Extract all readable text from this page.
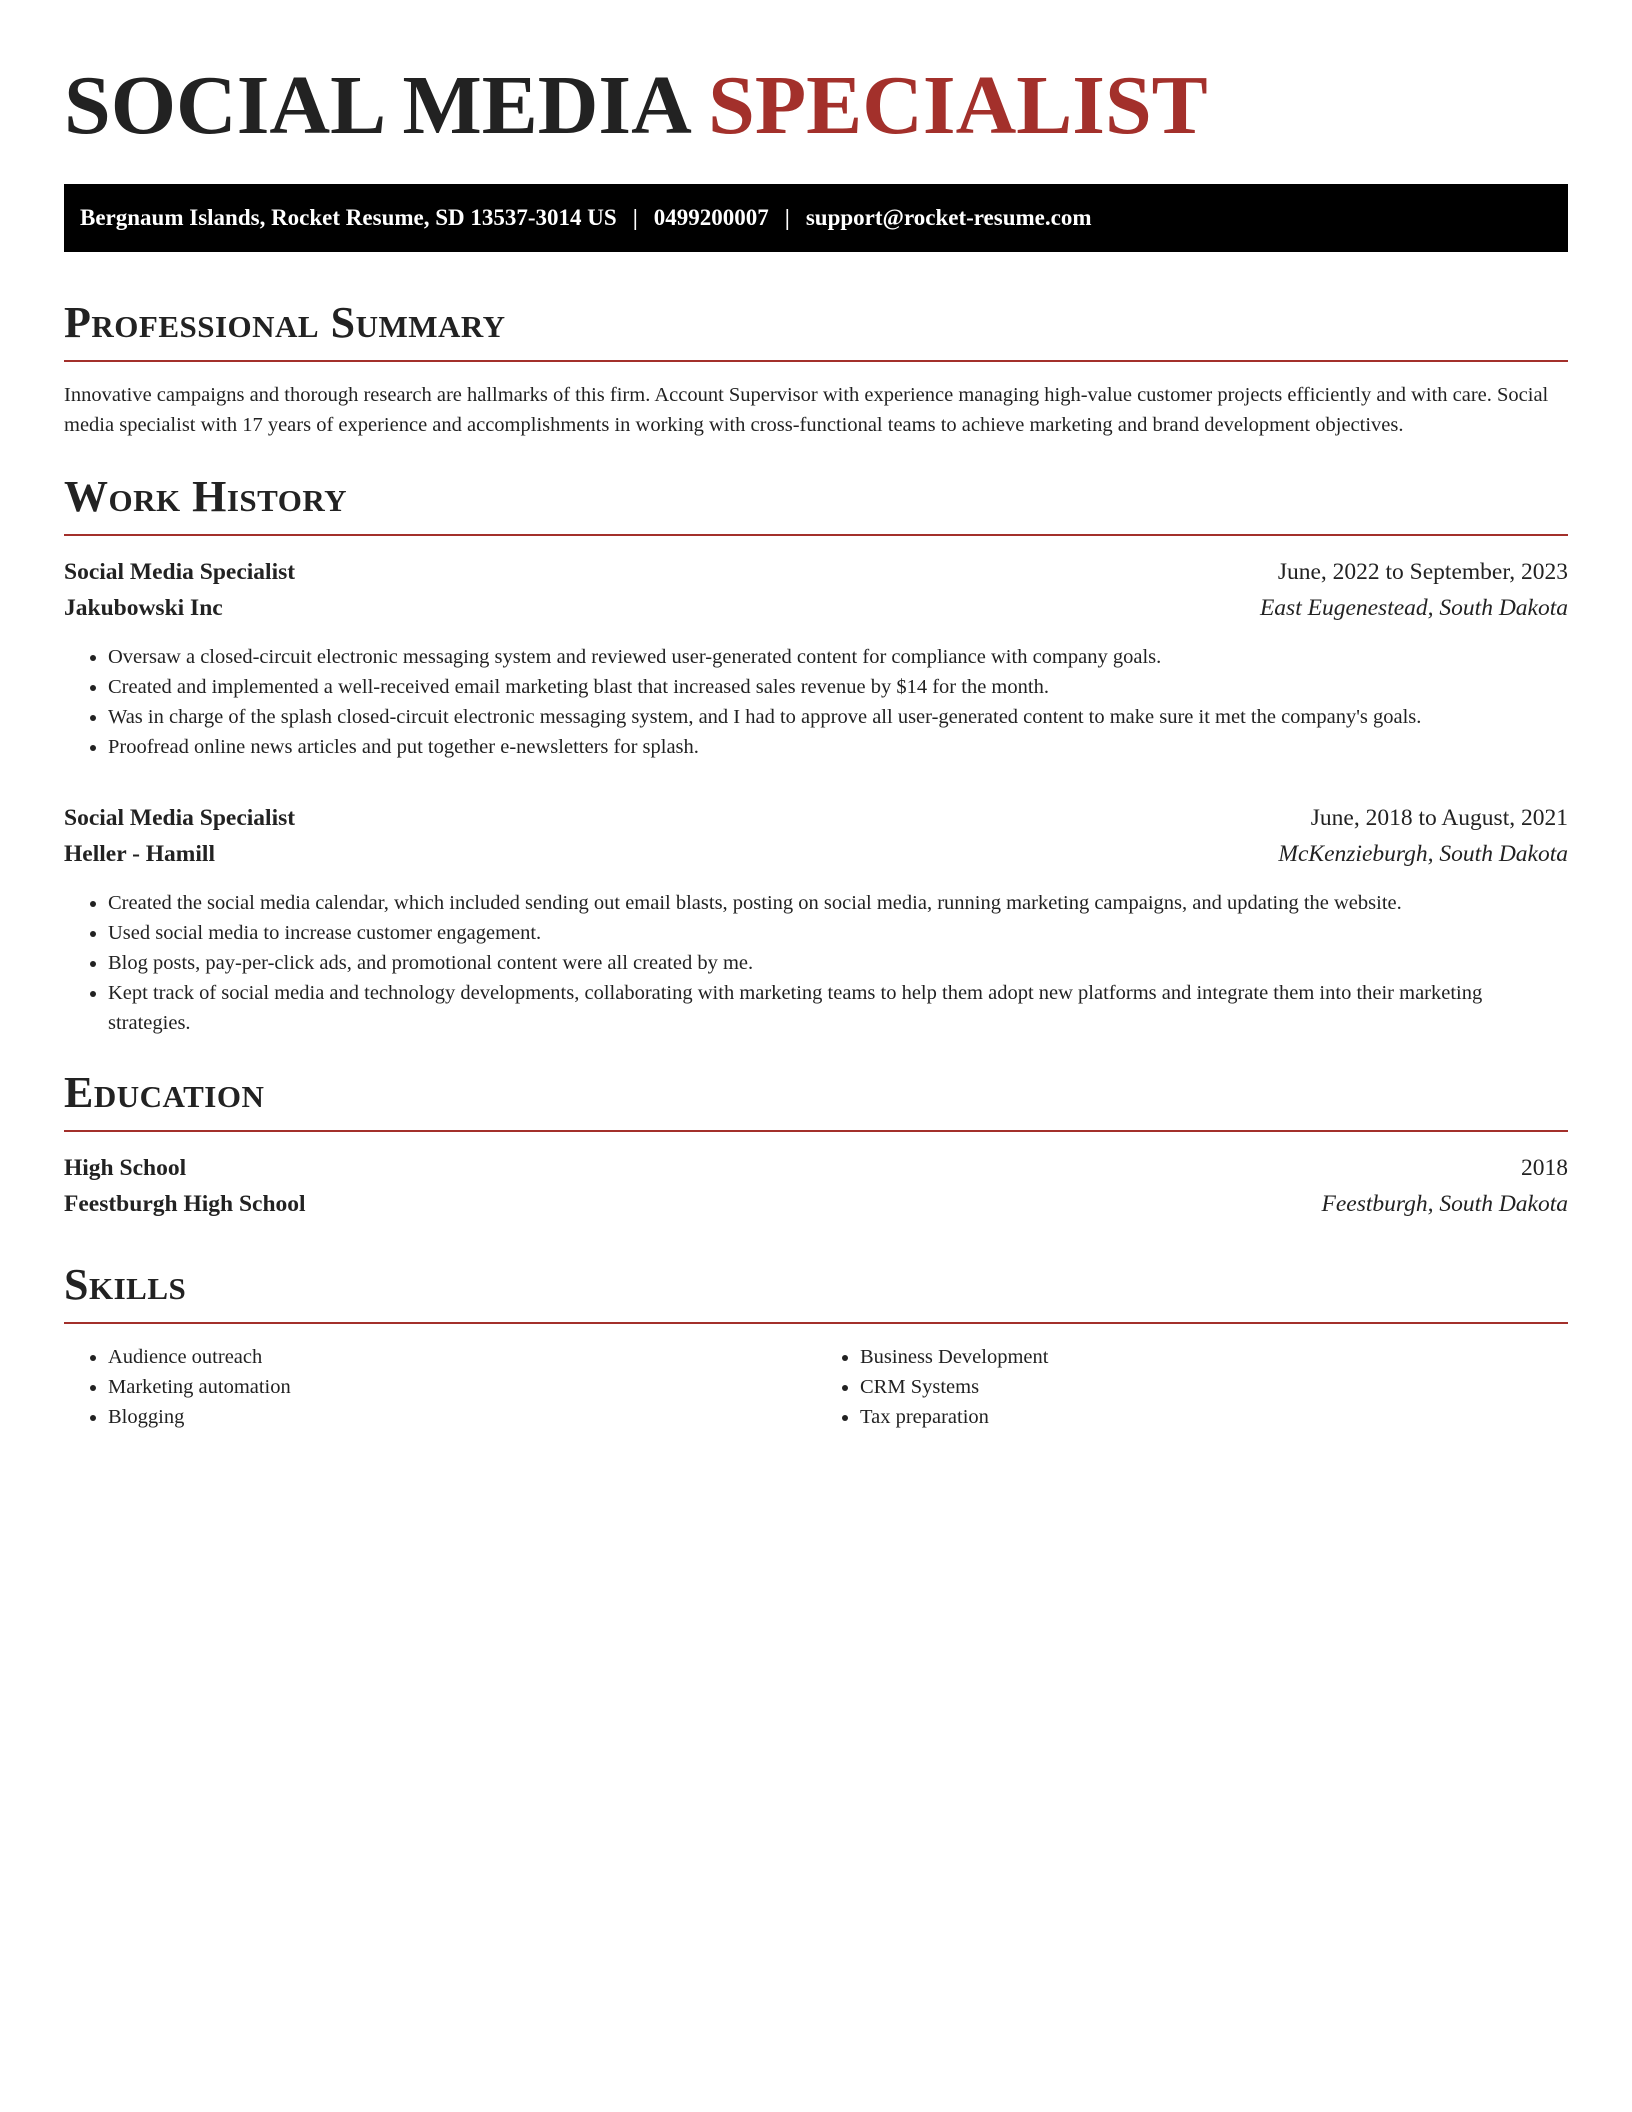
SOCIAL MEDIA SPECIALIST
Bergnaum Islands, Rocket Resume, SD 13537-3014 US | 0499200007 | support@rocket-resume.com
Professional Summary

Innovative campaigns and thorough research are hallmarks of this firm. Account Supervisor with experience managing high-value customer projects efficiently and with care. Social media specialist with 17 years of experience and accomplishments in working with cross-functional teams to achieve marketing and brand development objectives.

Work History
Social Media Specialist	June, 2022 to September, 2023
Jakubowski Inc	East Eugenestead, South Dakota
• Oversaw a closed-circuit electronic messaging system and reviewed user-generated content for compliance with company goals.
• Created and implemented a well-received email marketing blast that increased sales revenue by $14 for the month.
• Was in charge of the splash closed-circuit electronic messaging system, and I had to approve all user-generated content to make sure it met the company's goals.
• Proofread online news articles and put together e-newsletters for splash.
Social Media Specialist	June, 2018 to August, 2021
Heller - Hamill	McKenzieburgh, South Dakota
• Created the social media calendar, which included sending out email blasts, posting on social media, running marketing campaigns, and updating the website.
• Used social media to increase customer engagement.
• Blog posts, pay-per-click ads, and promotional content were all created by me.
• Kept track of social media and technology developments, collaborating with marketing teams to help them adopt new platforms and integrate them into their marketing strategies.
Education
High School	2018
Feestburgh High School	Feestburgh, South Dakota
Skills
• Audience outreach
• Marketing automation
• Blogging
• Business Development
• CRM Systems
• Tax preparation
